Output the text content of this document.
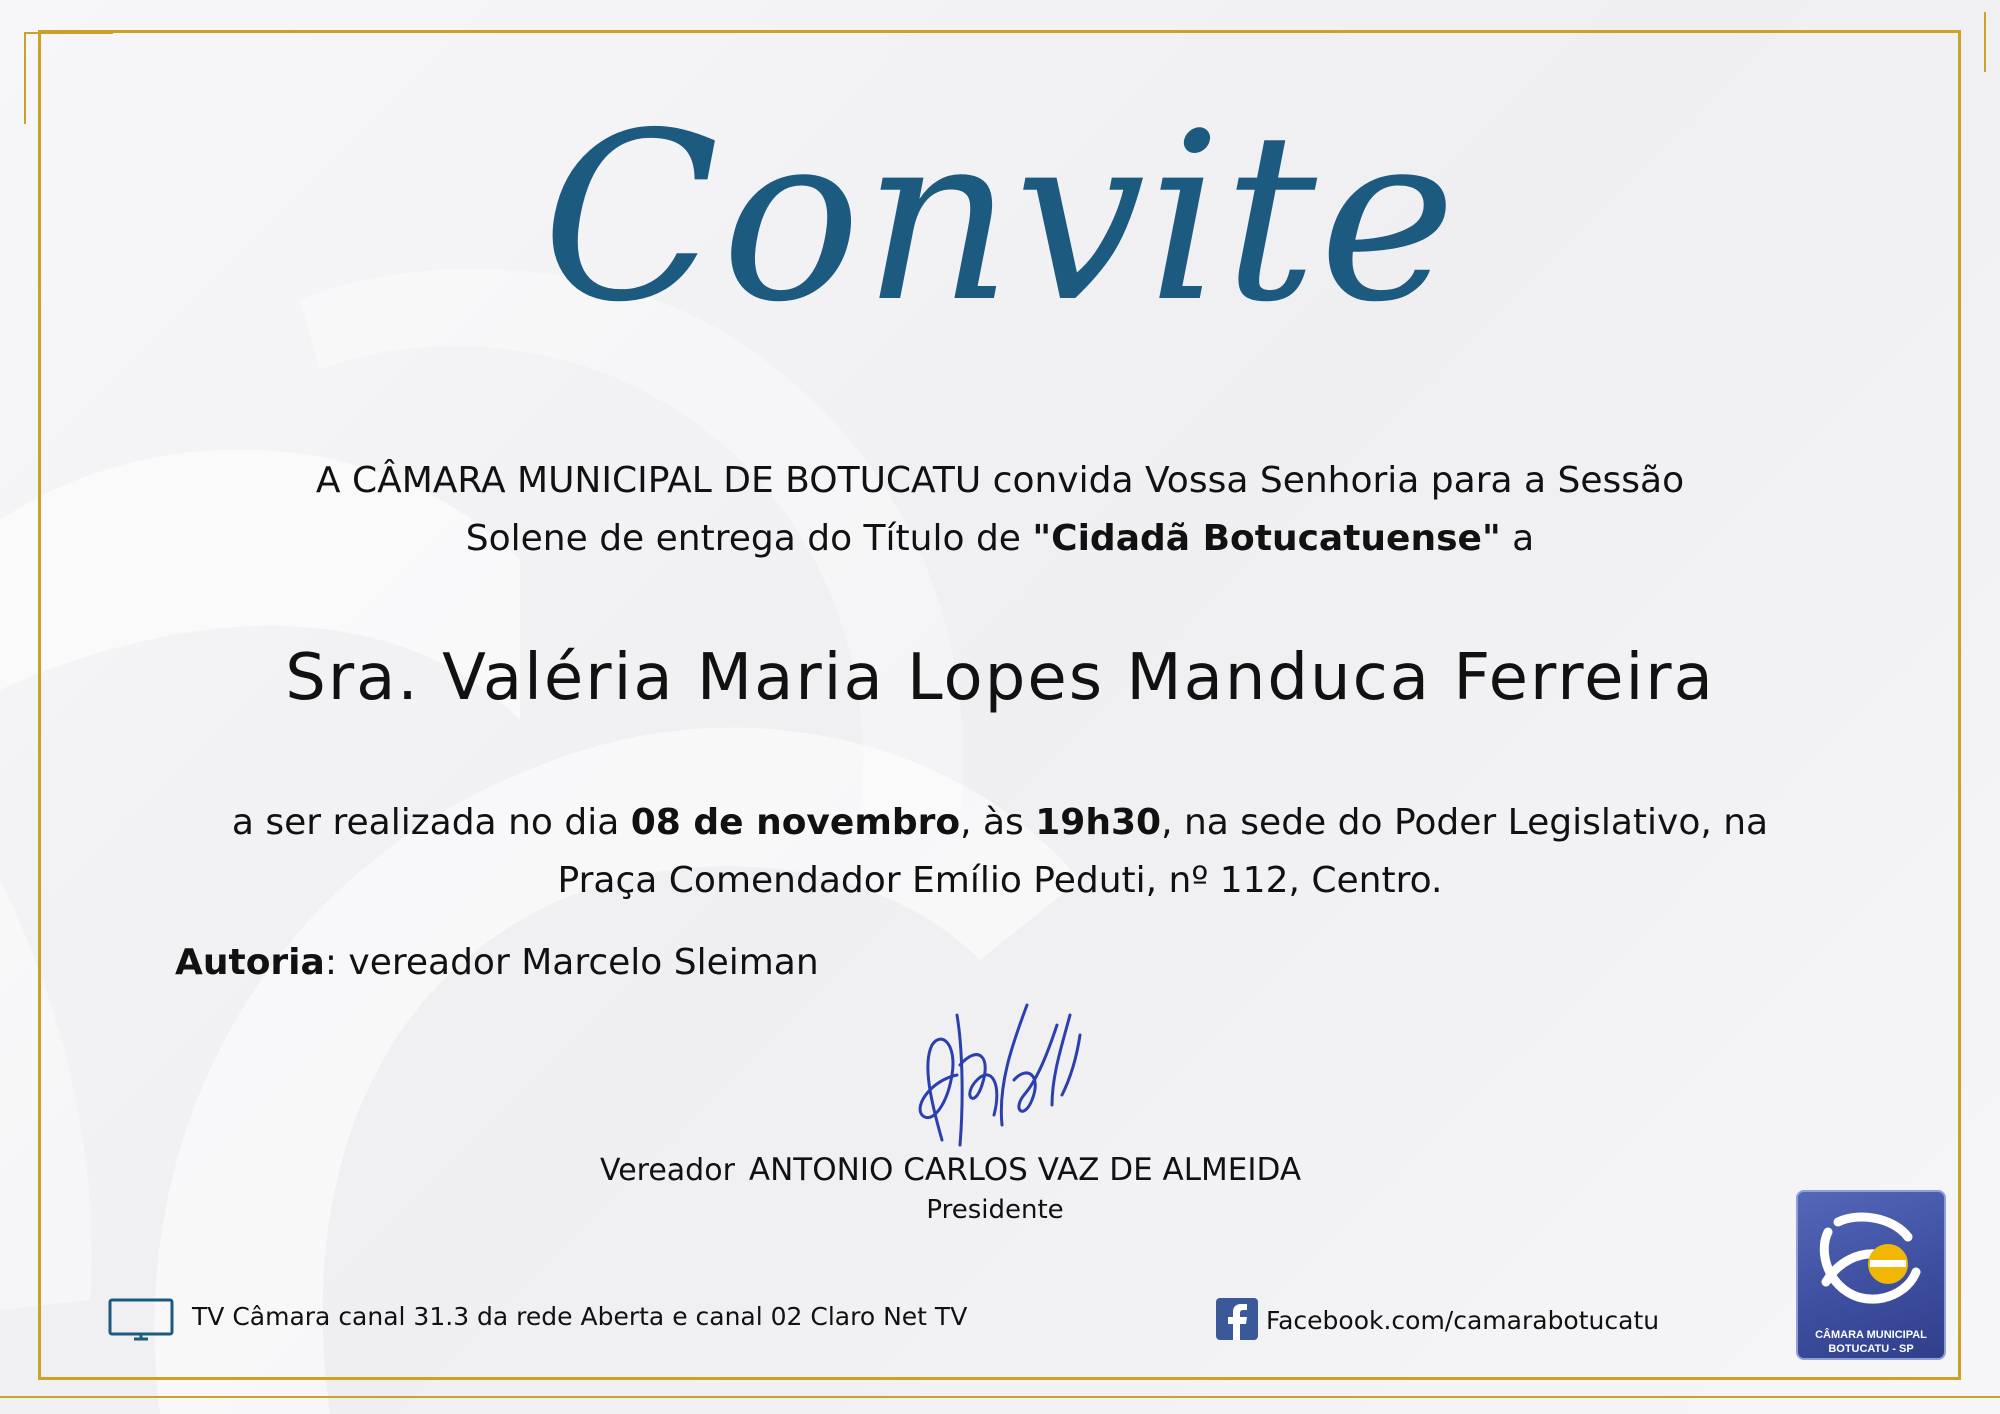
Convite
A CÂMARA MUNICIPAL DE BOTUCATU convida Vossa Senhoria para a Sessão
Solene de entrega do Título de "Cidadã Botucatuense" a
Sra. Valéria Maria Lopes Manduca Ferreira
a ser realizada no dia 08 de novembro, às 19h30, na sede do Poder Legislativo, na
Praça Comendador Emílio Peduti, nº 112, Centro.
Autoria: vereador Marcelo Sleiman
Vereador ANTONIO CARLOS VAZ DE ALMEIDA
Presidente
TV Câmara canal 31.3 da rede Aberta e canal 02 Claro Net TV	Facebook.com/camarabotucatu	CÂMARA MUNICIPAL
BOTUCATU - SP
